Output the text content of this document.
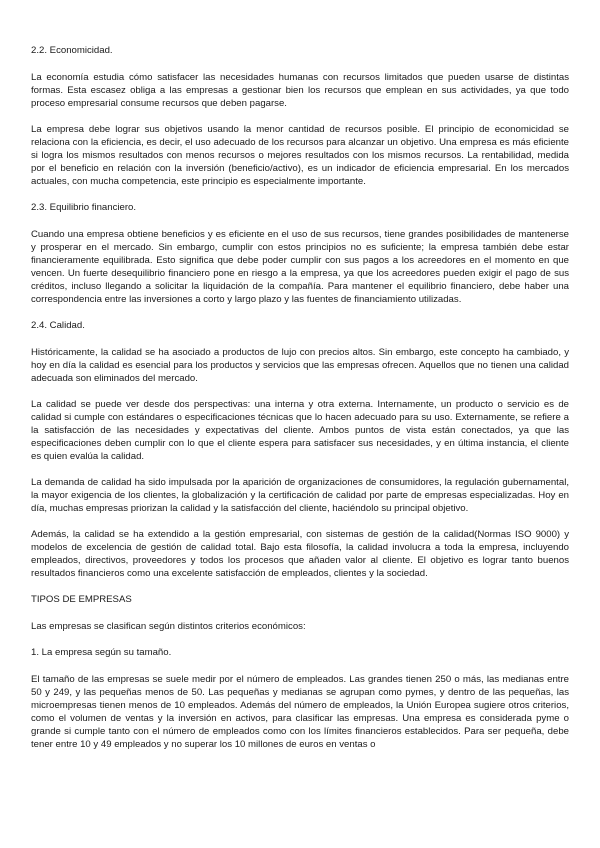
2.2. Economicidad.

La economía estudia cómo satisfacer las necesidades humanas con recursos limitados que pueden usarse de distintas formas. Esta escasez obliga a las empresas a gestionar bien los recursos que emplean en sus actividades, ya que todo proceso empresarial consume recursos que deben pagarse.

La empresa debe lograr sus objetivos usando la menor cantidad de recursos posible. El principio de economicidad se relaciona con la eficiencia, es decir, el uso adecuado de los recursos para alcanzar un objetivo. Una empresa es más eficiente si logra los mismos resultados con menos recursos o mejores resultados con los mismos recursos. La rentabilidad, medida por el beneficio en relación con la inversión (beneficio/activo), es un indicador de eficiencia empresarial. En los mercados actuales, con mucha competencia, este principio es especialmente importante.

2.3. Equilibrio financiero.

Cuando una empresa obtiene beneficios y es eficiente en el uso de sus recursos, tiene grandes posibilidades de mantenerse y prosperar en el mercado. Sin embargo, cumplir con estos principios no es suficiente; la empresa también debe estar financieramente equilibrada. Esto significa que debe poder cumplir con sus pagos a los acreedores en el momento en que vencen. Un fuerte desequilibrio financiero pone en riesgo a la empresa, ya que los acreedores pueden exigir el pago de sus créditos, incluso llegando a solicitar la liquidación de la compañía. Para mantener el equilibrio financiero, debe haber una correspondencia entre las inversiones a corto y largo plazo y las fuentes de financiamiento utilizadas.

2.4. Calidad.

Históricamente, la calidad se ha asociado a productos de lujo con precios altos. Sin embargo, este concepto ha cambiado, y hoy en día la calidad es esencial para los productos y servicios que las empresas ofrecen. Aquellos que no tienen una calidad adecuada son eliminados del mercado.

La calidad se puede ver desde dos perspectivas: una interna y otra externa. Internamente, un producto o servicio es de calidad si cumple con estándares o especificaciones técnicas que lo hacen adecuado para su uso. Externamente, se refiere a la satisfacción de las necesidades y expectativas del cliente. Ambos puntos de vista están conectados, ya que las especificaciones deben cumplir con lo que el cliente espera para satisfacer sus necesidades, y en última instancia, el cliente es quien evalúa la calidad.

La demanda de calidad ha sido impulsada por la aparición de organizaciones de consumidores, la regulación gubernamental, la mayor exigencia de los clientes, la globalización y la certificación de calidad por parte de empresas especializadas. Hoy en día, muchas empresas priorizan la calidad y la satisfacción del cliente, haciéndolo su principal objetivo.

Además, la calidad se ha extendido a la gestión empresarial, con sistemas de gestión de la calidad(Normas ISO 9000) y modelos de excelencia de gestión de calidad total. Bajo esta filosofía, la calidad involucra a toda la empresa, incluyendo empleados, directivos, proveedores y todos los procesos que añaden valor al cliente. El objetivo es lograr tanto buenos resultados financieros como una excelente satisfacción de empleados, clientes y la sociedad.

TIPOS DE EMPRESAS

Las empresas se clasifican según distintos criterios económicos:

1. La empresa según su tamaño.

El tamaño de las empresas se suele medir por el número de empleados. Las grandes tienen 250 o más, las medianas entre 50 y 249, y las pequeñas menos de 50. Las pequeñas y medianas se agrupan como pymes, y dentro de las pequeñas, las microempresas tienen menos de 10 empleados. Además del número de empleados, la Unión Europea sugiere otros criterios, como el volumen de ventas y la inversión en activos, para clasificar las empresas. Una empresa es considerada pyme o grande si cumple tanto con el número de empleados como con los límites financieros establecidos. Para ser pequeña, debe tener entre 10 y 49 empleados y no superar los 10 millones de euros en ventas o
